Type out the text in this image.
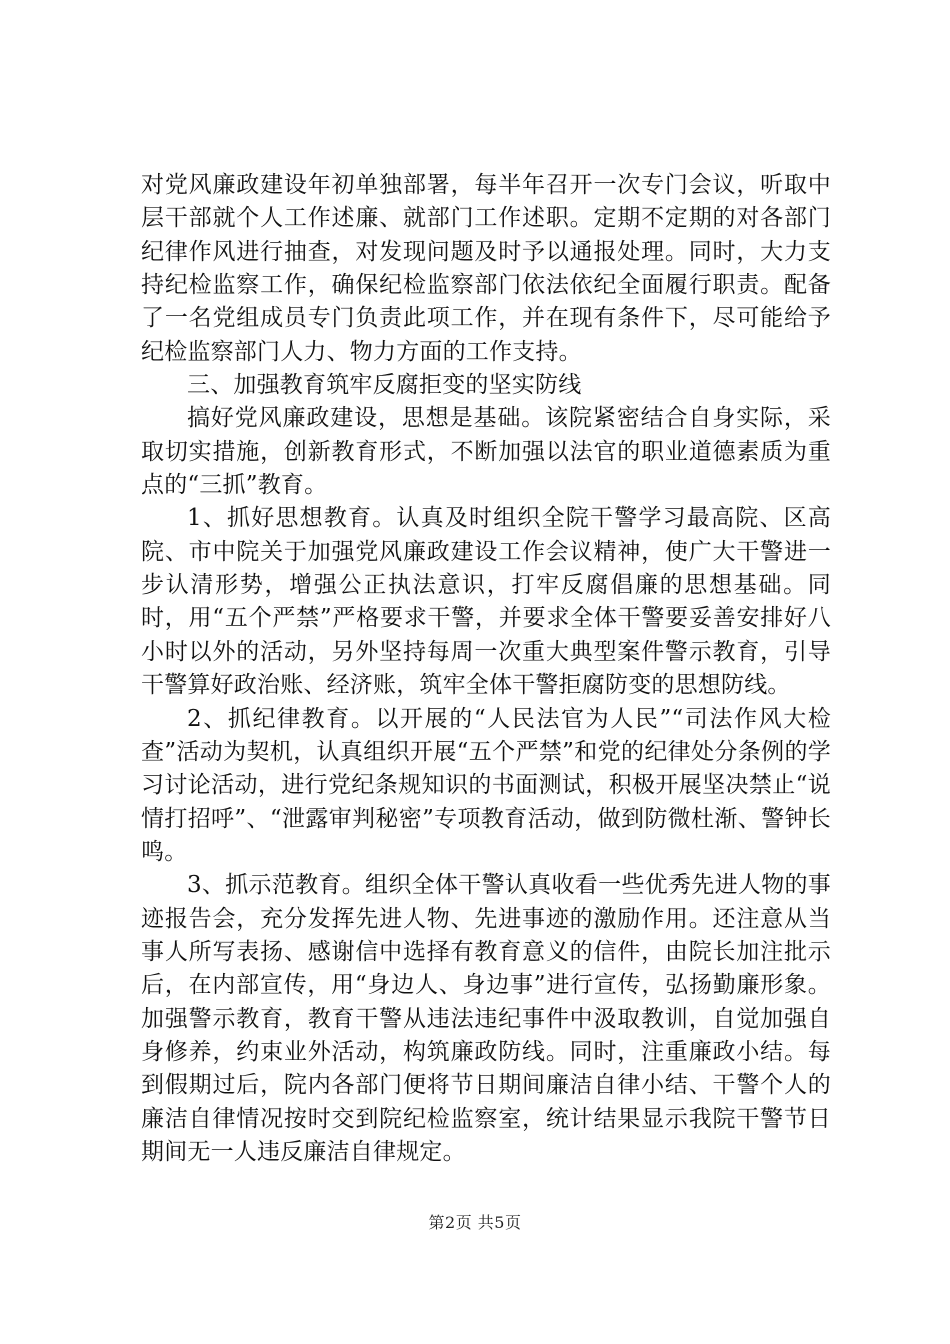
对党风廉政建设年初单独部署，每半年召开一次专门会议，听取中层干部就个人工作述廉、就部门工作述职。定期不定期的对各部门纪律作风进行抽查，对发现问题及时予以通报处理。同时，大力支持纪检监察工作，确保纪检监察部门依法依纪全面履行职责。配备了一名党组成员专门负责此项工作，并在现有条件下，尽可能给予纪检监察部门人力、物力方面的工作支持。

三、加强教育筑牢反腐拒变的坚实防线

搞好党风廉政建设，思想是基础。该院紧密结合自身实际，采取切实措施，创新教育形式，不断加强以法官的职业道德素质为重点的“三抓”教育。

1、抓好思想教育。认真及时组织全院干警学习最高院、区高院、市中院关于加强党风廉政建设工作会议精神，使广大干警进一步认清形势，增强公正执法意识，打牢反腐倡廉的思想基础。同时，用“五个严禁”严格要求干警，并要求全体干警要妥善安排好八小时以外的活动，另外坚持每周一次重大典型案件警示教育，引导干警算好政治账、经济账，筑牢全体干警拒腐防变的思想防线。

2、抓纪律教育。以开展的“人民法官为人民”“司法作风大检查”活动为契机，认真组织开展“五个严禁”和党的纪律处分条例的学习讨论活动，进行党纪条规知识的书面测试，积极开展坚决禁止“说情打招呼”、“泄露审判秘密”专项教育活动，做到防微杜渐、警钟长鸣。

3、抓示范教育。组织全体干警认真收看一些优秀先进人物的事迹报告会，充分发挥先进人物、先进事迹的激励作用。还注意从当事人所写表扬、感谢信中选择有教育意义的信件，由院长加注批示后，在内部宣传，用“身边人、身边事”进行宣传，弘扬勤廉形象。加强警示教育，教育干警从违法违纪事件中汲取教训，自觉加强自身修养，约束业外活动，构筑廉政防线。同时，注重廉政小结。每到假期过后，院内各部门便将节日期间廉洁自律小结、干警个人的廉洁自律情况按时交到院纪检监察室，统计结果显示我院干警节日期间无一人违反廉洁自律规定。

第2页 共5页
